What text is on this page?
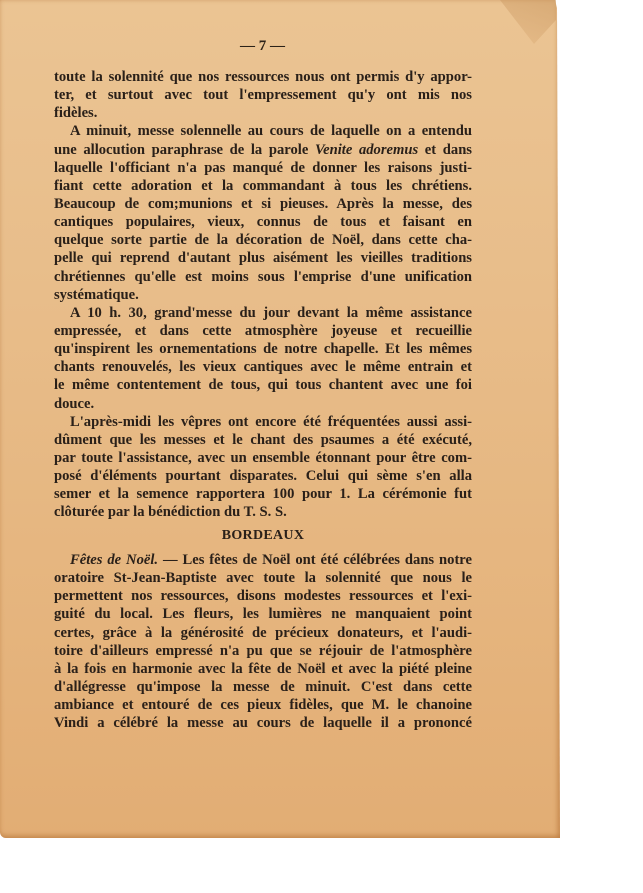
— 7 —
toute la solennité que nos ressources nous ont permis d'y appor-
ter, et surtout avec tout l'empressement qu'y ont mis nos
fidèles.
A minuit, messe solennelle au cours de laquelle on a entendu
une allocution paraphrase de la parole Venite adoremus et dans
laquelle l'officiant n'a pas manqué de donner les raisons justi-
fiant cette adoration et la commandant à tous les chrétiens.
Beaucoup de com;munions et si pieuses. Après la messe, des
cantiques populaires, vieux, connus de tous et faisant en
quelque sorte partie de la décoration de Noël, dans cette cha-
pelle qui reprend d'autant plus aisément les vieilles traditions
chrétiennes qu'elle est moins sous l'emprise d'une unification
systématique.
A 10 h. 30, grand'messe du jour devant la même assistance
empressée, et dans cette atmosphère joyeuse et recueillie
qu'inspirent les ornementations de notre chapelle. Et les mêmes
chants renouvelés, les vieux cantiques avec le même entrain et
le même contentement de tous, qui tous chantent avec une foi
douce.
L'après-midi les vêpres ont encore été fréquentées aussi assi-
dûment que les messes et le chant des psaumes a été exécuté,
par toute l'assistance, avec un ensemble étonnant pour être com-
posé d'éléments pourtant disparates. Celui qui sème s'en alla
semer et la semence rapportera 100 pour 1. La cérémonie fut
clôturée par la bénédiction du T. S. S.
BORDEAUX
Fêtes de Noël. — Les fêtes de Noël ont été célébrées dans notre
oratoire St-Jean-Baptiste avec toute la solennité que nous le
permettent nos ressources, disons modestes ressources et l'exi-
guité du local. Les fleurs, les lumières ne manquaient point
certes, grâce à la générosité de précieux donateurs, et l'audi-
toire d'ailleurs empressé n'a pu que se réjouir de l'atmosphère
à la fois en harmonie avec la fête de Noël et avec la piété pleine
d'allégresse qu'impose la messe de minuit. C'est dans cette
ambiance et entouré de ces pieux fidèles, que M. le chanoine
Vindi a célébré la messe au cours de laquelle il a prononcé
